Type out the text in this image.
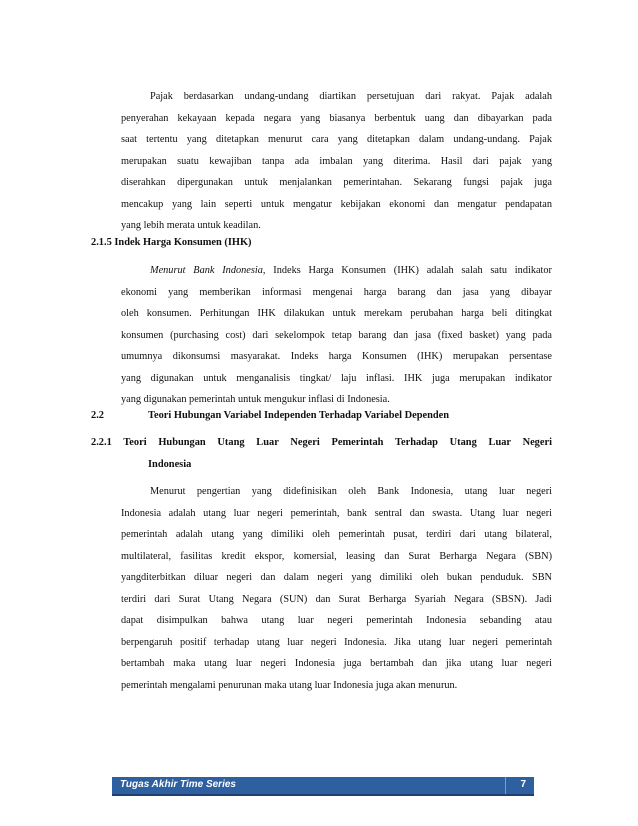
Pajak berdasarkan undang-undang diartikan persetujuan dari rakyat. Pajak adalah
penyerahan kekayaan kepada negara yang biasanya berbentuk uang dan dibayarkan pada
saat tertentu yang ditetapkan menurut cara yang ditetapkan dalam undang-undang. Pajak
merupakan suatu kewajiban tanpa ada imbalan yang diterima. Hasil dari pajak yang
diserahkan dipergunakan untuk menjalankan pemerintahan. Sekarang fungsi pajak juga
mencakup yang lain seperti untuk mengatur kebijakan ekonomi dan mengatur pendapatan
yang lebih merata untuk keadilan.
2.1.5 Indek Harga Konsumen (IHK)
Menurut Bank Indonesia, Indeks Harga Konsumen (IHK) adalah salah satu indikator
ekonomi yang memberikan informasi mengenai harga barang dan jasa yang dibayar
oleh konsumen. Perhitungan IHK dilakukan untuk merekam perubahan harga beli ditingkat
konsumen (purchasing cost) dari sekelompok tetap barang dan jasa (fixed basket) yang pada
umumnya dikonsumsi masyarakat. Indeks harga Konsumen (IHK) merupakan persentase
yang digunakan untuk menganalisis tingkat/ laju inflasi. IHK juga merupakan indikator
yang digunakan pemerintah untuk mengukur inflasi di Indonesia.
2.2	Teori Hubungan Variabel Independen Terhadap Variabel Dependen
2.2.1 Teori Hubungan Utang Luar Negeri Pemerintah Terhadap Utang Luar Negeri
Indonesia
Menurut pengertian yang didefinisikan oleh Bank Indonesia, utang luar negeri
Indonesia adalah utang luar negeri pemerintah, bank sentral dan swasta. Utang luar negeri
pemerintah adalah utang yang dimiliki oleh pemerintah pusat, terdiri dari utang bilateral,
multilateral, fasilitas kredit ekspor, komersial, leasing dan Surat Berharga Negara (SBN)
yangditerbitkan diluar negeri dan dalam negeri yang dimiliki oleh bukan penduduk. SBN
terdiri dari Surat Utang Negara (SUN) dan Surat Berharga Syariah Negara (SBSN). Jadi
dapat disimpulkan bahwa utang luar negeri pemerintah Indonesia sebanding atau
berpengaruh positif terhadap utang luar negeri Indonesia. Jika utang luar negeri pemerintah
bertambah maka utang luar negeri Indonesia juga bertambah dan jika utang luar negeri
pemerintah mengalami penurunan maka utang luar Indonesia juga akan menurun.
Tugas Akhir Time Series	7
